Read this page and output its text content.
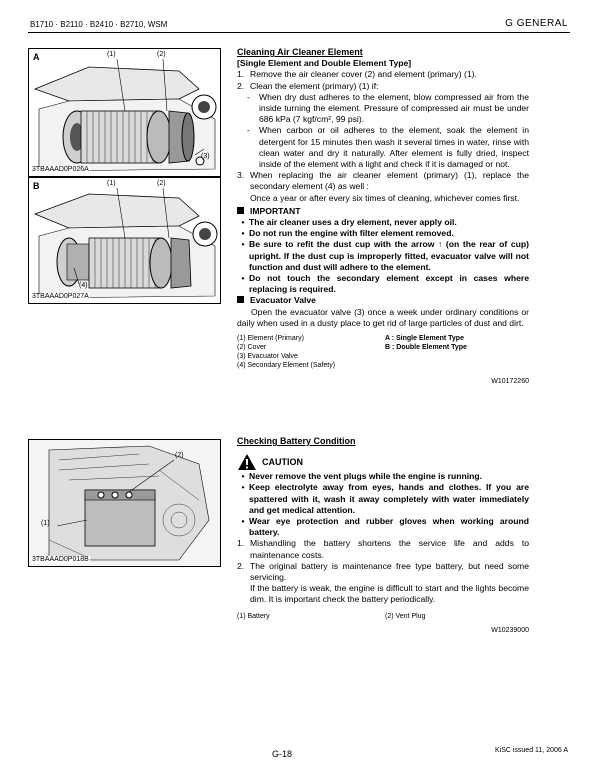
B1710 · B2110 · B2410 · B2710, WSM	G GENERAL
A	(1)	(2)
(3)
3TBAAAD0P026A
B	(1)	(2)
(4)
3TBAAAD0P027A
(2)
(1)
3TBAAAD0P018B
Cleaning Air Cleaner Element
[Single Element and Double Element Type]
1. Remove the air cleaner cover (2) and element (primary) (1).
2. Clean the element (primary) (1) if:
-	When dry dust adheres to the element, blow compressed air from the inside turning the element. Pressure of compressed air must be under 686 kPa (7 kgf/cm², 99 psi).
-	When carbon or oil adheres to the element, soak the element in detergent for 15 minutes then wash it several times in water, rinse with clean water and dry it naturally. After element is fully dried, inspect inside of the element with a light and check if it is damaged or not.
3. When replacing the air cleaner element (primary) (1), replace the secondary element (4) as well :
Once a year or after every six times of cleaning, whichever comes first.
IMPORTANT
• The air cleaner uses a dry element, never apply oil.
• Do not run the engine with filter element removed.
• Be sure to refit the dust cup with the arrow ↑ (on the rear of cup) upright. If the dust cup is improperly fitted, evacuator valve will not function and dust will adhere to the element.
• Do not touch the secondary element except in cases where replacing is required.
Evacuator Valve
Open the evacuator valve (3) once a week under ordinary conditions or daily when used in a dusty place to get rid of large particles of dust and dirt.
(1) Element (Primary)
(2) Cover
(3) Evacuator Valve
(4) Secondary Element (Safety)
A : Single Element Type
B : Double Element Type
W10172260
Checking Battery Condition
CAUTION
• Never remove the vent plugs while the engine is running.
• Keep electrolyte away from eyes, hands and clothes. If you are spattered with it, wash it away completely with water immediately and get medical attention.
• Wear eye protection and rubber gloves when working around battery.
1. Mishandling the battery shortens the service life and adds to maintenance costs.
2. The original battery is maintenance free type battery, but need some servicing.
If the battery is weak, the engine is difficult to start and the lights become dim. It is important check the battery periodically.
(1) Battery	(2) Vent Plug
W10239000
G-18	KiSC issued 11, 2006 A
